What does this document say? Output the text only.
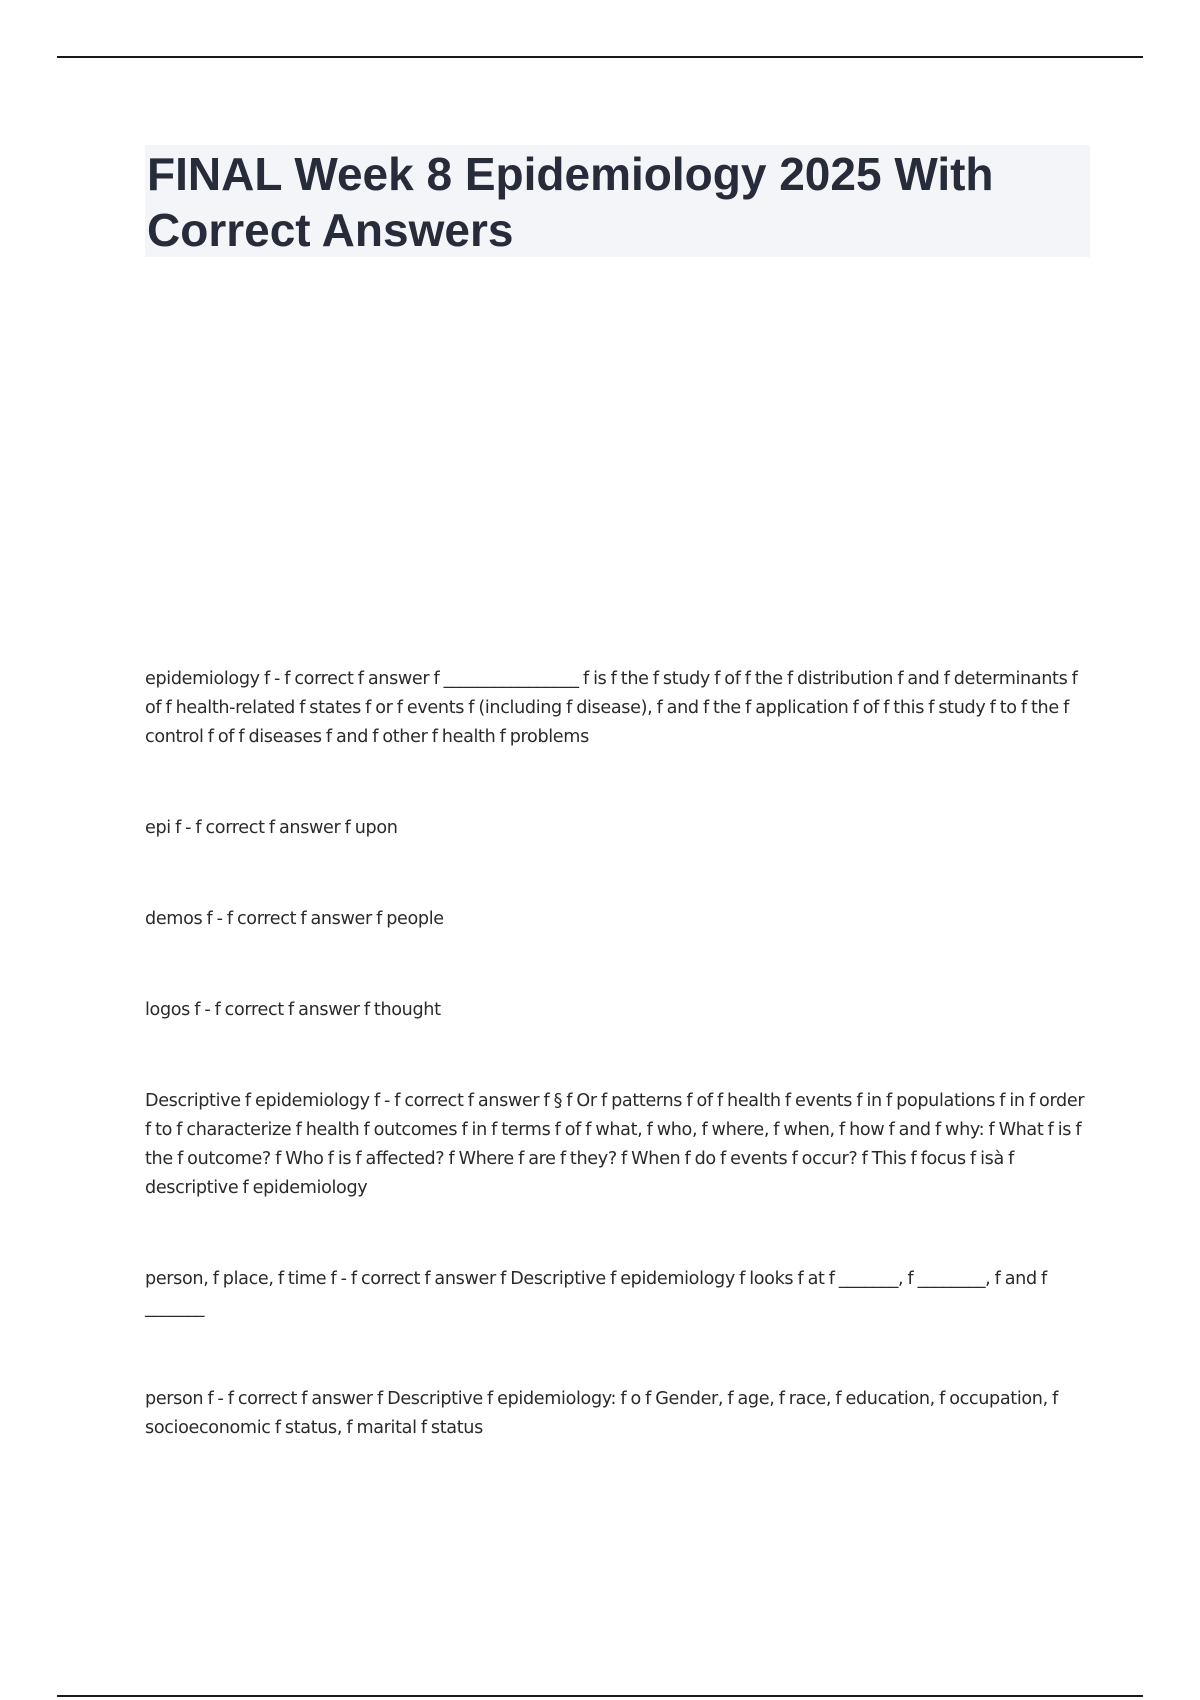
FINAL Week 8 Epidemiology 2025 With Correct Answers

epidemiology f - f correct f answer f ________________ f is f the f study f of f the f distribution f and f determinants f of f health-related f states f or f events f (including f disease), f and f the f application f of f this f study f to f the f control f of f diseases f and f other f health f problems

epi f - f correct f answer f upon

demos f - f correct f answer f people

logos f - f correct f answer f thought

Descriptive f epidemiology f - f correct f answer f § f Or f patterns f of f health f events f in f populations f in f order f to f characterize f health f outcomes f in f terms f of f what, f who, f where, f when, f how f and f why: f What f is f the f outcome? f Who f is f affected? f Where f are f they? f When f do f events f occur? f This f focus f isà f descriptive f epidemiology

person, f place, f time f - f correct f answer f Descriptive f epidemiology f looks f at f _______, f ________, f and f _______

person f - f correct f answer f Descriptive f epidemiology: f o f Gender, f age, f race, f education, f occupation, f socioeconomic f status, f marital f status
